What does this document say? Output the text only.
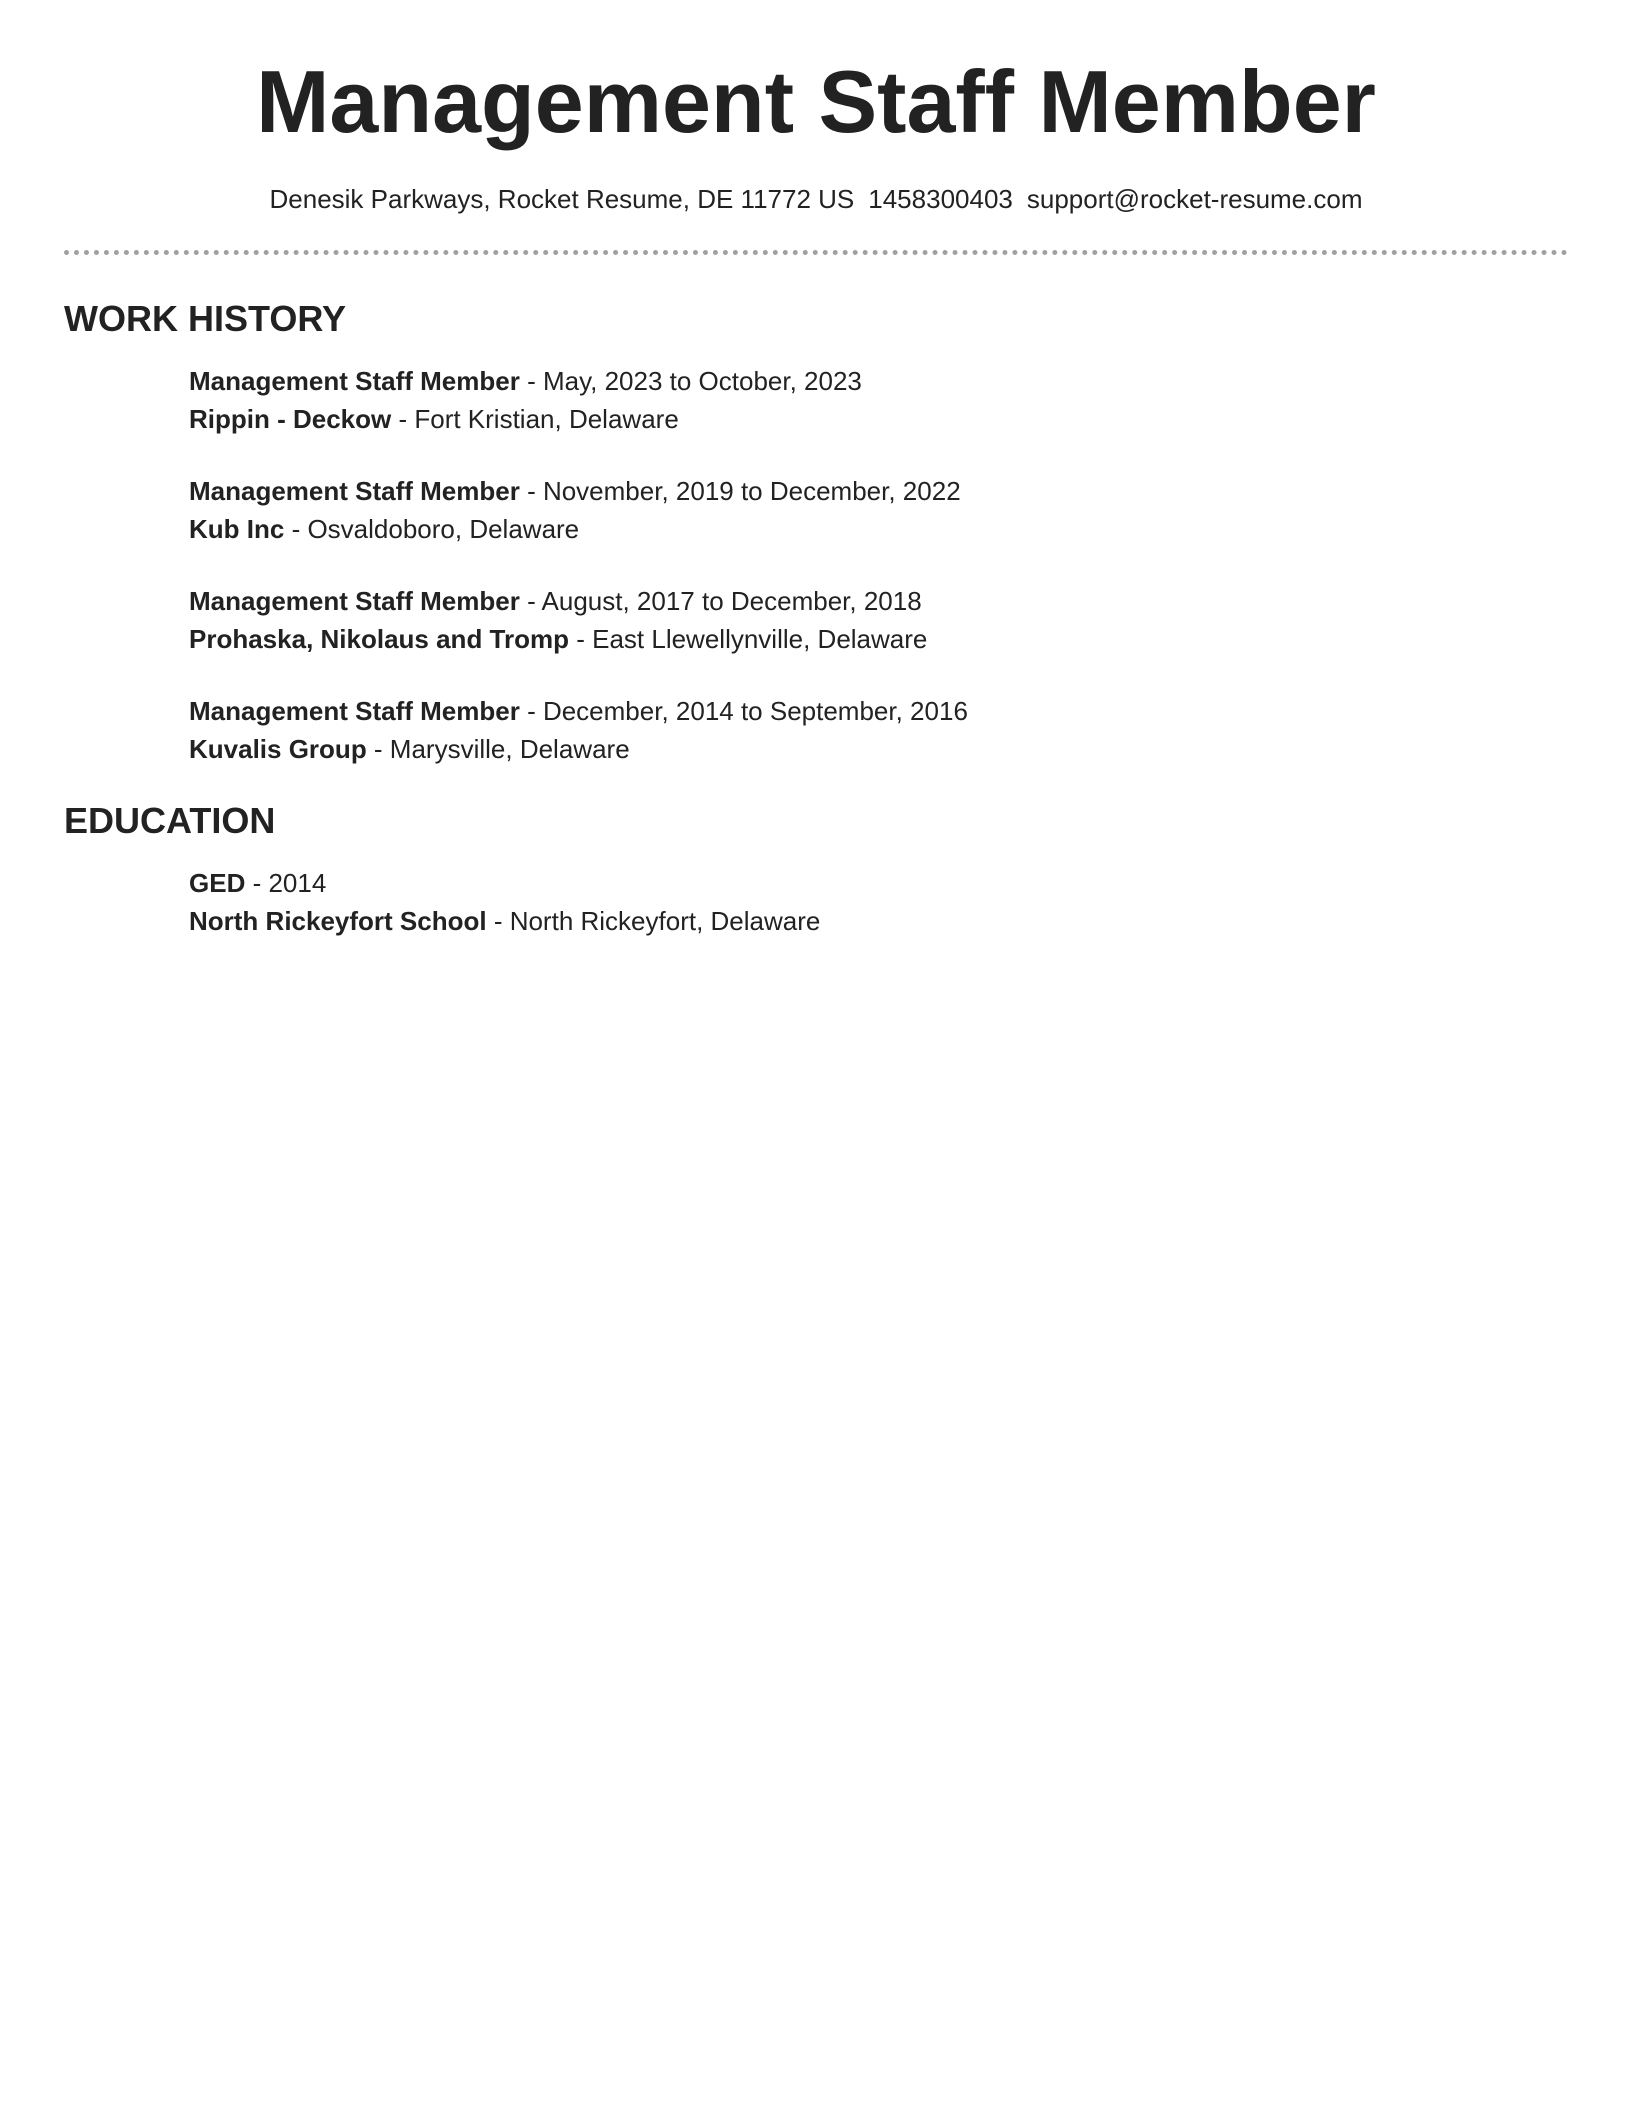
Management Staff Member
Denesik Parkways, Rocket Resume, DE 11772 US 1458300403 support@rocket-resume.com
WORK HISTORY
Management Staff Member - May, 2023 to October, 2023
Rippin - Deckow - Fort Kristian, Delaware
Management Staff Member - November, 2019 to December, 2022
Kub Inc - Osvaldoboro, Delaware
Management Staff Member - August, 2017 to December, 2018
Prohaska, Nikolaus and Tromp - East Llewellynville, Delaware
Management Staff Member - December, 2014 to September, 2016
Kuvalis Group - Marysville, Delaware
EDUCATION
GED - 2014
North Rickeyfort School - North Rickeyfort, Delaware
